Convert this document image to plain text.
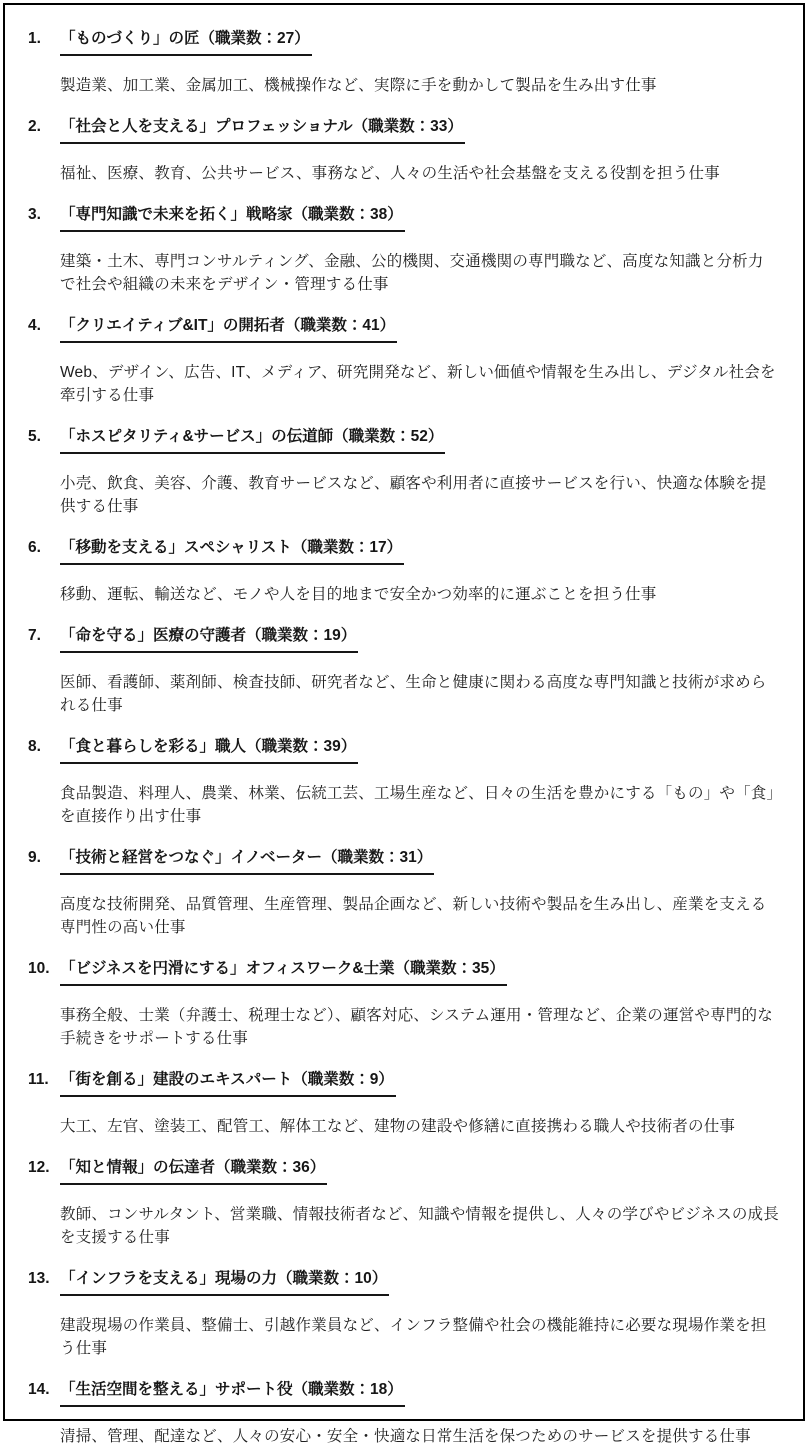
1.	「ものづくり」の匠（職業数：27）
製造業、加工業、金属加工、機械操作など、実際に手を動かして製品を生み出す仕事
2.	「社会と人を支える」プロフェッショナル（職業数：33）
福祉、医療、教育、公共サービス、事務など、人々の生活や社会基盤を支える役割を担う仕事
3.	「専門知識で未来を拓く」戦略家（職業数：38）
建築・土木、専門コンサルティング、金融、公的機関、交通機関の専門職など、高度な知識と分析力で社会や組織の未来をデザイン・管理する仕事
4.	「クリエイティブ&IT」の開拓者（職業数：41）
Web、デザイン、広告、IT、メディア、研究開発など、新しい価値や情報を生み出し、デジタル社会を牽引する仕事
5.	「ホスピタリティ&サービス」の伝道師（職業数：52）
小売、飲食、美容、介護、教育サービスなど、顧客や利用者に直接サービスを行い、快適な体験を提供する仕事
6.	「移動を支える」スペシャリスト（職業数：17）
移動、運転、輸送など、モノや人を目的地まで安全かつ効率的に運ぶことを担う仕事
7.	「命を守る」医療の守護者（職業数：19）
医師、看護師、薬剤師、検査技師、研究者など、生命と健康に関わる高度な専門知識と技術が求められる仕事
8.	「食と暮らしを彩る」職人（職業数：39）
食品製造、料理人、農業、林業、伝統工芸、工場生産など、日々の生活を豊かにする「もの」や「食」を直接作り出す仕事
9.	「技術と経営をつなぐ」イノベーター（職業数：31）
高度な技術開発、品質管理、生産管理、製品企画など、新しい技術や製品を生み出し、産業を支える専門性の高い仕事
10. 「ビジネスを円滑にする」オフィスワーク&士業（職業数：35）
事務全般、士業（弁護士、税理士など）、顧客対応、システム運用・管理など、企業の運営や専門的な手続きをサポートする仕事
11. 「街を創る」建設のエキスパート（職業数：9）
大工、左官、塗装工、配管工、解体工など、建物の建設や修繕に直接携わる職人や技術者の仕事
12. 「知と情報」の伝達者（職業数：36）
教師、コンサルタント、営業職、情報技術者など、知識や情報を提供し、人々の学びやビジネスの成長を支援する仕事
13. 「インフラを支える」現場の力（職業数：10）
建設現場の作業員、整備士、引越作業員など、インフラ整備や社会の機能維持に必要な現場作業を担う仕事
14. 「生活空間を整える」サポート役（職業数：18）
清掃、管理、配達など、人々の安心・安全・快適な日常生活を保つためのサービスを提供する仕事
